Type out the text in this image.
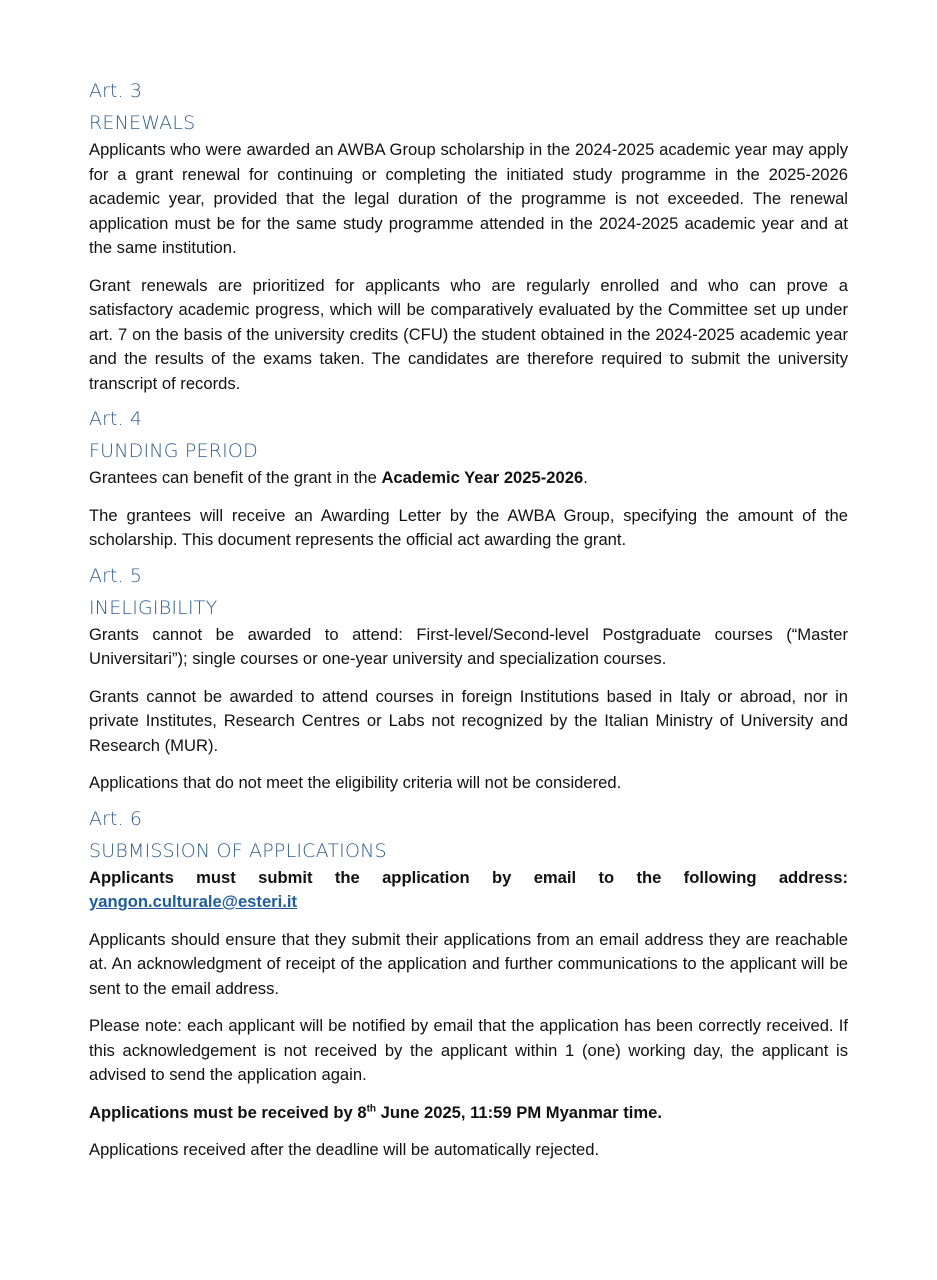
Art. 3
RENEWALS

Applicants who were awarded an AWBA Group scholarship in the 2024-2025 academic year may apply for a grant renewal for continuing or completing the initiated study programme in the 2025-2026 academic year, provided that the legal duration of the programme is not exceeded. The renewal application must be for the same study programme attended in the 2024-2025 academic year and at the same institution.

Grant renewals are prioritized for applicants who are regularly enrolled and who can prove a satisfactory academic progress, which will be comparatively evaluated by the Committee set up under art. 7 on the basis of the university credits (CFU) the student obtained in the 2024-2025 academic year and the results of the exams taken. The candidates are therefore required to submit the university transcript of records.

Art. 4
FUNDING PERIOD

Grantees can benefit of the grant in the Academic Year 2025-2026.

The grantees will receive an Awarding Letter by the AWBA Group, specifying the amount of the scholarship. This document represents the official act awarding the grant.

Art. 5
INELIGIBILITY

Grants cannot be awarded to attend: First-level/Second-level Postgraduate courses (“Master Universitari”); single courses or one-year university and specialization courses.

Grants cannot be awarded to attend courses in foreign Institutions based in Italy or abroad, nor in private Institutes, Research Centres or Labs not recognized by the Italian Ministry of University and Research (MUR).

Applications that do not meet the eligibility criteria will not be considered.

Art. 6
SUBMISSION OF APPLICATIONS

Applicants must submit the application by email to the following address: yangon.culturale@esteri.it

Applicants should ensure that they submit their applications from an email address they are reachable at. An acknowledgment of receipt of the application and further communications to the applicant will be sent to the email address.

Please note: each applicant will be notified by email that the application has been correctly received. If this acknowledgement is not received by the applicant within 1 (one) working day, the applicant is advised to send the application again.

Applications must be received by 8th June 2025, 11:59 PM Myanmar time.

Applications received after the deadline will be automatically rejected.
